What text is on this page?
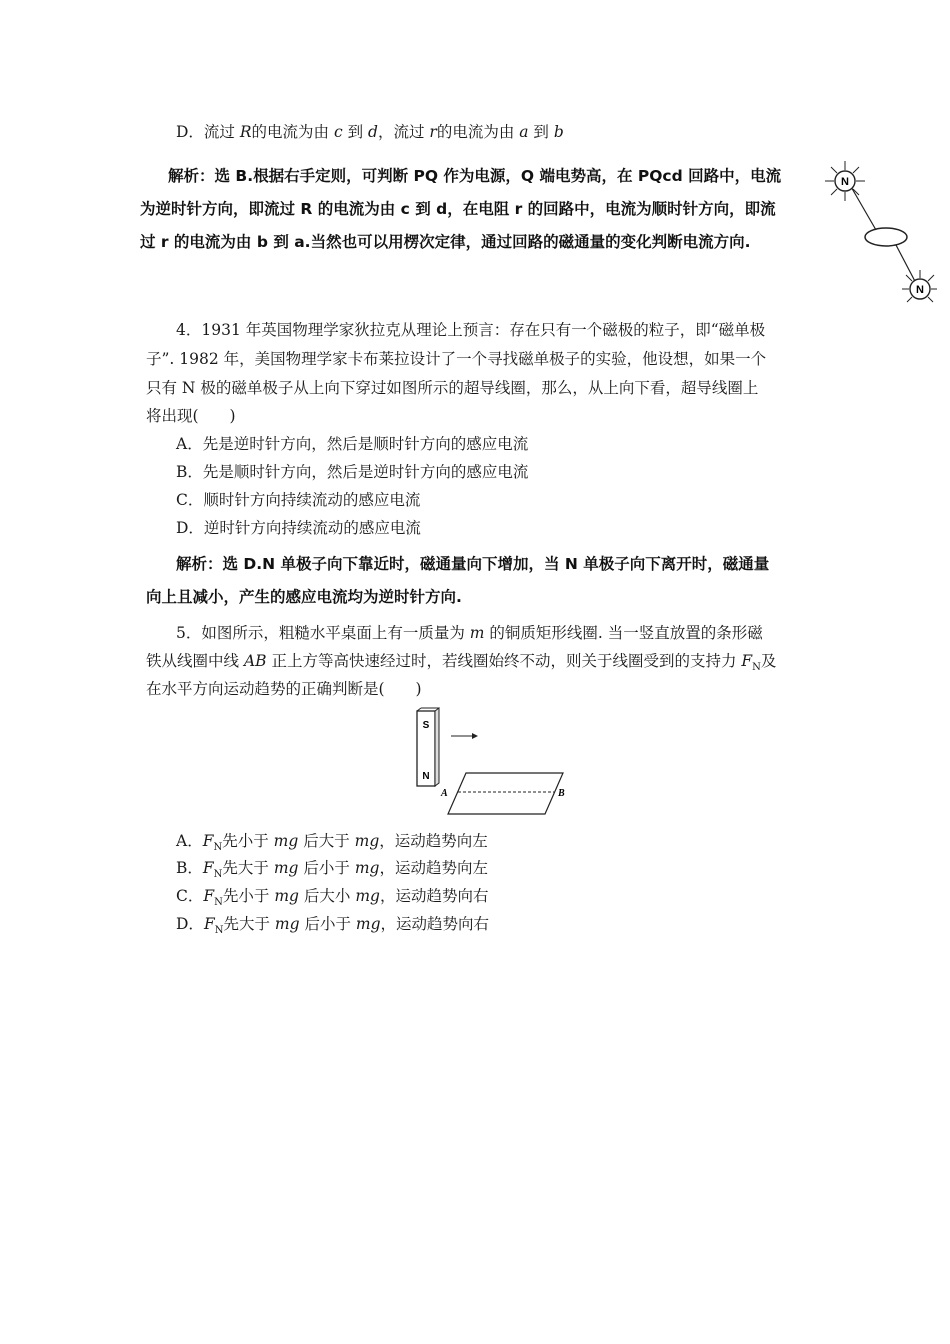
D．流过 R的电流为由 c 到 d，流过 r的电流为由 a 到 b
解析：选 B.根据右手定则，可判断 PQ 作为电源，Q 端电势高，在 PQcd 回路中，电流
为逆时针方向，即流过 R 的电流为由 c 到 d，在电阻 r 的回路中，电流为顺时针方向，即流
过 r 的电流为由 b 到 a.当然也可以用楞次定律，通过回路的磁通量的变化判断电流方向.
N
N
4．1931 年英国物理学家狄拉克从理论上预言：存在只有一个磁极的粒子，即“磁单极
子”. 1982 年，美国物理学家卡布莱拉设计了一个寻找磁单极子的实验，他设想，如果一个
只有 N 极的磁单极子从上向下穿过如图所示的超导线圈，那么，从上向下看，超导线圈上
将出现(　　)
A．先是逆时针方向，然后是顺时针方向的感应电流
B．先是顺时针方向，然后是逆时针方向的感应电流
C．顺时针方向持续流动的感应电流
D．逆时针方向持续流动的感应电流
解析：选 D.N 单极子向下靠近时，磁通量向下增加，当 N 单极子向下离开时，磁通量
向上且减小，产生的感应电流均为逆时针方向.
5．如图所示，粗糙水平桌面上有一质量为 m 的铜质矩形线圈. 当一竖直放置的条形磁
铁从线圈中线 AB 正上方等高快速经过时，若线圈始终不动，则关于线圈受到的支持力 $F_N$及
在水平方向运动趋势的正确判断是(　　)
S
N
A	B
A．$F_N$先小于 mg 后大于 mg，运动趋势向左
B．$F_N$先大于 mg 后小于 mg，运动趋势向左
C．$F_N$先小于 mg 后大小 mg，运动趋势向右
D．$F_N$先大于 mg 后小于 mg，运动趋势向右
